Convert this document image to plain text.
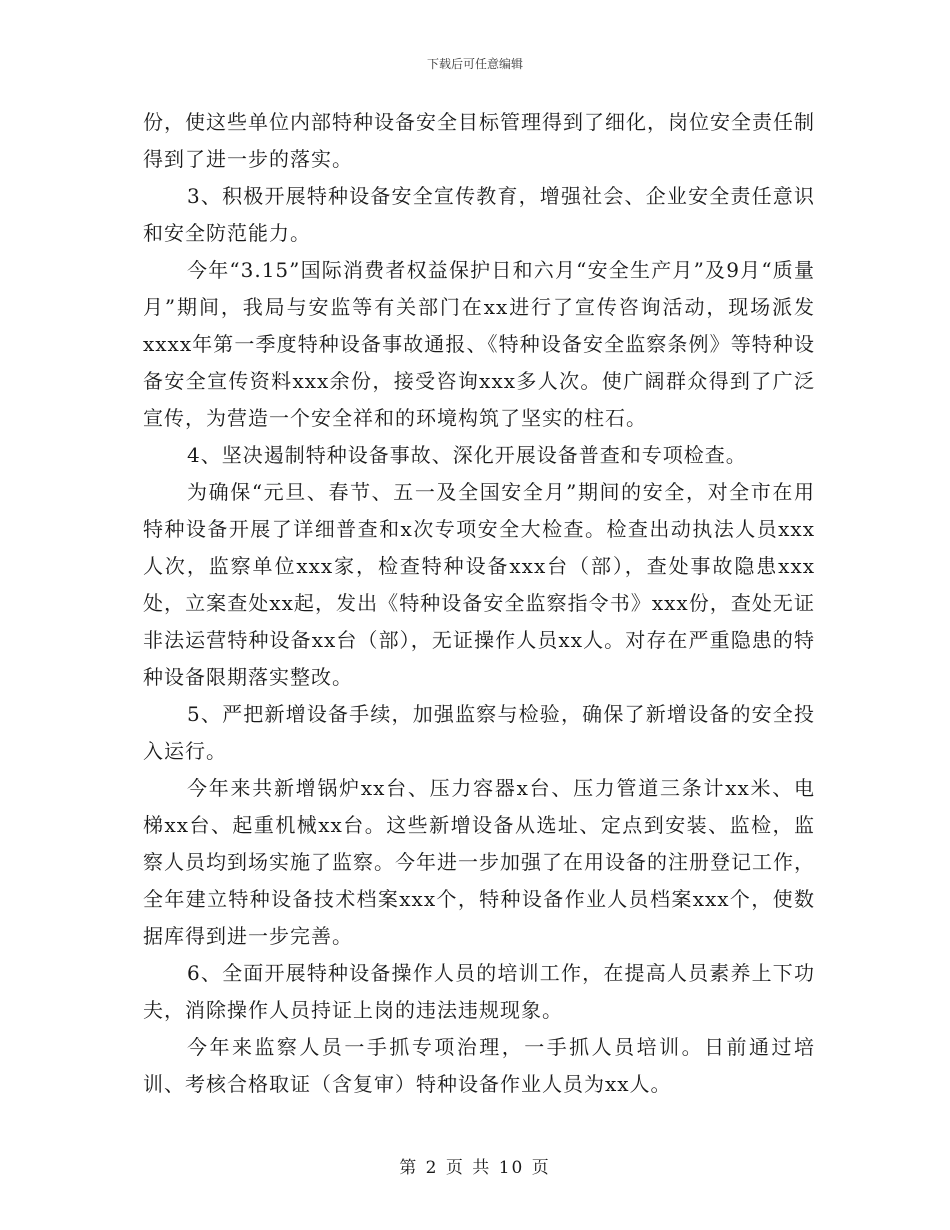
下载后可任意编辑

份，使这些单位内部特种设备安全目标管理得到了细化，岗位安全责任制得到了进一步的落实。

3、积极开展特种设备安全宣传教育，增强社会、企业安全责任意识和安全防范能力。

今年“3.15”国际消费者权益保护日和六月“安全生产月”及9月“质量月”期间，我局与安监等有关部门在xx进行了宣传咨询活动，现场派发xxxx年第一季度特种设备事故通报、《特种设备安全监察条例》等特种设备安全宣传资料xxx余份，接受咨询xxx多人次。使广阔群众得到了广泛宣传，为营造一个安全祥和的环境构筑了坚实的柱石。

4、坚决遏制特种设备事故、深化开展设备普查和专项检查。

为确保“元旦、春节、五一及全国安全月”期间的安全，对全市在用特种设备开展了详细普查和x次专项安全大检查。检查出动执法人员xxx人次，监察单位xxx家，检查特种设备xxx台（部），查处事故隐患xxx处，立案查处xx起，发出《特种设备安全监察指令书》xxx份，查处无证非法运营特种设备xx台（部），无证操作人员xx人。对存在严重隐患的特种设备限期落实整改。

5、严把新增设备手续，加强监察与检验，确保了新增设备的安全投入运行。

今年来共新增锅炉xx台、压力容器x台、压力管道三条计xx米、电梯xx台、起重机械xx台。这些新增设备从选址、定点到安装、监检，监察人员均到场实施了监察。今年进一步加强了在用设备的注册登记工作，全年建立特种设备技术档案xxx个，特种设备作业人员档案xxx个，使数据库得到进一步完善。

6、全面开展特种设备操作人员的培训工作，在提高人员素养上下功夫，消除操作人员持证上岗的违法违规现象。

今年来监察人员一手抓专项治理，一手抓人员培训。日前通过培训、考核合格取证（含复审）特种设备作业人员为xx人。

第 2 页 共 10 页
